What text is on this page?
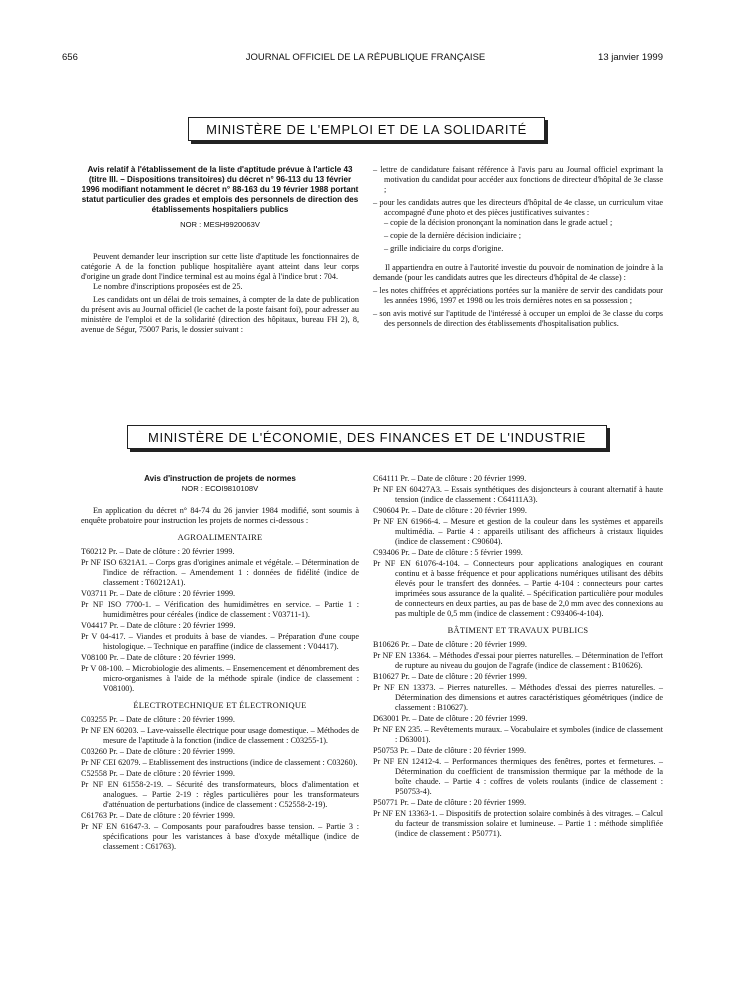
656	JOURNAL OFFICIEL DE LA RÉPUBLIQUE FRANÇAISE	13 janvier 1999
MINISTÈRE DE L'EMPLOI ET DE LA SOLIDARITÉ

Avis relatif à l'établissement de la liste d'aptitude prévue à l'article 43 (titre III. – Dispositions transitoires) du décret n° 96-113 du 13 février 1996 modifiant notamment le décret n° 88-163 du 19 février 1988 portant statut particulier des grades et emplois des personnels de direction des établissements hospitaliers publics

NOR : MESH9920063V

Peuvent demander leur inscription sur cette liste d'aptitude les fonctionnaires de catégorie A de la fonction publique hospitalière ayant atteint dans leur corps d'origine un grade dont l'indice terminal est au moins égal à l'indice brut : 704.

Le nombre d'inscriptions proposées est de 25.

Les candidats ont un délai de trois semaines, à compter de la date de publication du présent avis au Journal officiel (le cachet de la poste faisant foi), pour adresser au ministère de l'emploi et de la solidarité (direction des hôpitaux, bureau FH 2), 8, avenue de Ségur, 75007 Paris, le dossier suivant :

– lettre de candidature faisant référence à l'avis paru au Journal officiel exprimant la motivation du candidat pour accéder aux fonctions de directeur d'hôpital de 3e classe ;

– pour les candidats autres que les directeurs d'hôpital de 4e classe, un curriculum vitae accompagné d'une photo et des pièces justificatives suivantes :

– copie de la décision prononçant la nomination dans le grade actuel ;

– copie de la dernière décision indiciaire ;

– grille indiciaire du corps d'origine.

Il appartiendra en outre à l'autorité investie du pouvoir de nomination de joindre à la demande (pour les candidats autres que les directeurs d'hôpital de 4e classe) :

– les notes chiffrées et appréciations portées sur la manière de servir des candidats pour les années 1996, 1997 et 1998 ou les trois dernières notes en sa possession ;

– son avis motivé sur l'aptitude de l'intéressé à occuper un emploi de 3e classe du corps des personnels de direction des établissements d'hospitalisation publics.

MINISTÈRE DE L'ÉCONOMIE, DES FINANCES ET DE L'INDUSTRIE

Avis d'instruction de projets de normes

NOR : ECOI9810108V

En application du décret n° 84-74 du 26 janvier 1984 modifié, sont soumis à enquête probatoire pour instruction les projets de normes ci-dessous :

AGROALIMENTAIRE

T60212 Pr. – Date de clôture : 20 février 1999.

Pr NF ISO 6321A1. – Corps gras d'origines animale et végétale. – Détermination de l'indice de réfraction. – Amendement 1 : données de fidélité (indice de classement : T60212A1).

V03711 Pr. – Date de clôture : 20 février 1999.

Pr NF ISO 7700-1. – Vérification des humidimètres en service. – Partie 1 : humidimètres pour céréales (indice de classement : V03711-1).

V04417 Pr. – Date de clôture : 20 février 1999.

Pr V 04-417. – Viandes et produits à base de viandes. – Préparation d'une coupe histologique. – Technique en paraffine (indice de classement : V04417).

V08100 Pr. – Date de clôture : 20 février 1999.

Pr V 08-100. – Microbiologie des aliments. – Ensemencement et dénombrement des micro-organismes à l'aide de la méthode spirale (indice de classement : V08100).

ÉLECTROTECHNIQUE ET ÉLECTRONIQUE

C03255 Pr. – Date de clôture : 20 février 1999.

Pr NF EN 60203. – Lave-vaisselle électrique pour usage domestique. – Méthodes de mesure de l'aptitude à la fonction (indice de classement : C03255-1).

C03260 Pr. – Date de clôture : 20 février 1999.

Pr NF CEI 62079. – Etablissement des instructions (indice de classement : C03260).

C52558 Pr. – Date de clôture : 20 février 1999.

Pr NF EN 61558-2-19. – Sécurité des transformateurs, blocs d'alimentation et analogues. – Partie 2-19 : règles particulières pour les transformateurs d'atténuation de perturbations (indice de classement : C52558-2-19).

C61763 Pr. – Date de clôture : 20 février 1999.

Pr NF EN 61647-3. – Composants pour parafoudres basse tension. – Partie 3 : spécifications pour les varistances à base d'oxyde métallique (indice de classement : C61763).

C64111 Pr. – Date de clôture : 20 février 1999.

Pr NF EN 60427A3. – Essais synthétiques des disjoncteurs à courant alternatif à haute tension (indice de classement : C64111A3).

C90604 Pr. – Date de clôture : 20 février 1999.

Pr NF EN 61966-4. – Mesure et gestion de la couleur dans les systèmes et appareils multimédia. – Partie 4 : appareils utilisant des afficheurs à cristaux liquides (indice de classement : C90604).

C93406 Pr. – Date de clôture : 5 février 1999.

Pr NF EN 61076-4-104. – Connecteurs pour applications analogiques en courant continu et à basse fréquence et pour applications numériques utilisant des débits élevés pour le transfert des données. – Partie 4-104 : connecteurs pour cartes imprimées sous assurance de la qualité. – Spécification particulière pour modules de connecteurs en deux parties, au pas de base de 2,0 mm avec des connexions au pas multiple de 0,5 mm (indice de classement : C93406-4-104).

BÂTIMENT ET TRAVAUX PUBLICS

B10626 Pr. – Date de clôture : 20 février 1999.

Pr NF EN 13364. – Méthodes d'essai pour pierres naturelles. – Détermination de l'effort de rupture au niveau du goujon de l'agrafe (indice de classement : B10626).

B10627 Pr. – Date de clôture : 20 février 1999.

Pr NF EN 13373. – Pierres naturelles. – Méthodes d'essai des pierres naturelles. – Détermination des dimensions et autres caractéristiques géométriques (indice de classement : B10627).

D63001 Pr. – Date de clôture : 20 février 1999.

Pr NF EN 235. – Revêtements muraux. – Vocabulaire et symboles (indice de classement : D63001).

P50753 Pr. – Date de clôture : 20 février 1999.

Pr NF EN 12412-4. – Performances thermiques des fenêtres, portes et fermetures. – Détermination du coefficient de transmission thermique par la méthode de la boîte chaude. – Partie 4 : coffres de volets roulants (indice de classement : P50753-4).

P50771 Pr. – Date de clôture : 20 février 1999.

Pr NF EN 13363-1. – Dispositifs de protection solaire combinés à des vitrages. – Calcul du facteur de transmission solaire et lumineuse. – Partie 1 : méthode simplifiée (indice de classement : P50771).
